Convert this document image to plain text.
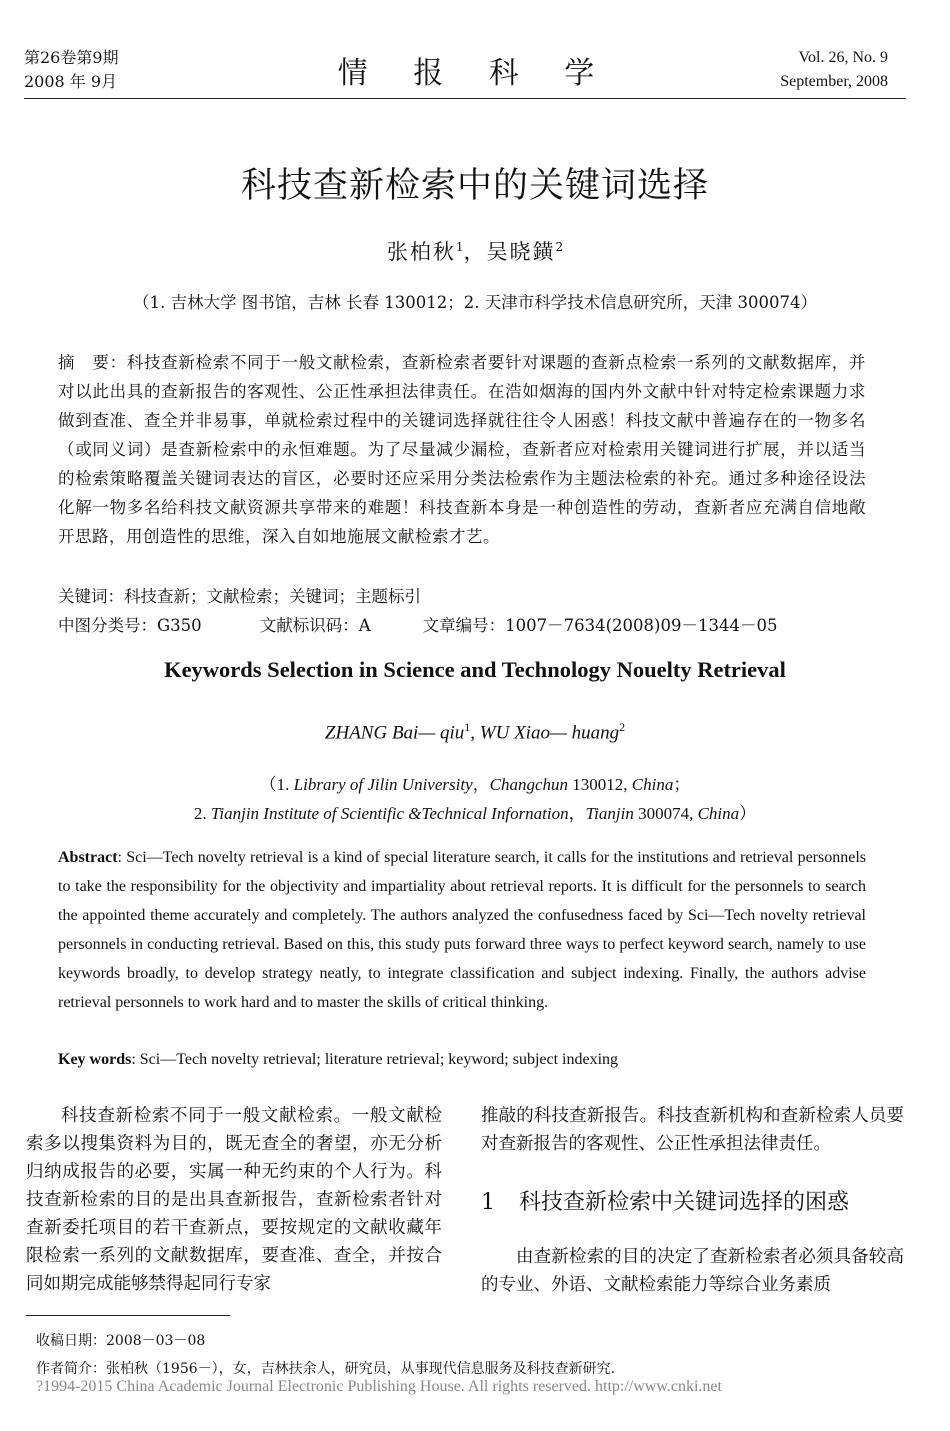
第26卷第9期
2008 年 9月	情 报 科 学	Vol. 26, No. 9
September, 2008
科技查新检索中的关键词选择
张柏秋$^1$，吴晓鐄$^2$
（1. 吉林大学 图书馆，吉林 长春 130012；2. 天津市科学技术信息研究所，天津 300074）
摘　要：科技查新检索不同于一般文献检索，查新检索者要针对课题的查新点检索一系列的文献数据库，并对以此出具的查新报告的客观性、公正性承担法律责任。在浩如烟海的国内外文献中针对特定检索课题力求做到查准、查全并非易事，单就检索过程中的关键词选择就往往令人困惑！科技文献中普遍存在的一物多名（或同义词）是查新检索中的永恒难题。为了尽量减少漏检，查新者应对检索用关键词进行扩展，并以适当的检索策略覆盖关键词表达的盲区，必要时还应采用分类法检索作为主题法检索的补充。通过多种途径设法化解一物多名给科技文献资源共享带来的难题！科技查新本身是一种创造性的劳动，查新者应充满自信地敞开思路，用创造性的思维，深入自如地施展文献检索才艺。
关键词：科技查新；文献检索；关键词；主题标引
中图分类号：G350	文献标识码：A	文章编号：1007－7634(2008)09－1344－05
Keywords Selection in Science and Technology Nouelty Retrieval
ZHANG Bai— qiu$^1$, WU Xiao— huang$^2$
（1. Library of Jilin University，Changchun 130012, China；
2. Tianjin Institute of Scientific &Technical Infornation，Tianjin 300074, China）
Abstract: Sci—Tech novelty retrieval is a kind of special literature search, it calls for the institutions and retrieval personnels to take the responsibility for the objectivity and impartiality about retrieval reports. It is difficult for the personnels to search the appointed theme accurately and completely. The authors analyzed the confusedness faced by Sci—Tech novelty retrieval personnels in conducting retrieval. Based on this, this study puts forward three ways to perfect keyword search, namely to use keywords broadly, to develop strategy neatly, to integrate classification and subject indexing. Finally, the authors advise retrieval personnels to work hard and to master the skills of critical thinking.
Key words: Sci—Tech novelty retrieval; literature retrieval; keyword; subject indexing

科技查新检索不同于一般文献检索。一般文献检索多以搜集资料为目的，既无查全的奢望，亦无分析归纳成报告的必要，实属一种无约束的个人行为。科技查新检索的目的是出具查新报告，查新检索者针对查新委托项目的若干查新点，要按规定的文献收藏年限检索一系列的文献数据库，要查准、查全，并按合同如期完成能够禁得起同行专家

推敲的科技查新报告。科技查新机构和查新检索人员要对查新报告的客观性、公正性承担法律责任。

1 科技查新检索中关键词选择的困惑

由查新检索的目的决定了查新检索者必须具备较高的专业、外语、文献检索能力等综合业务素质

收稿日期：2008－03－08
作者简介：张柏秋（1956－），女，吉林扶余人，研究员，从事现代信息服务及科技查新研究.
?1994-2015 China Academic Journal Electronic Publishing House. All rights reserved. http://www.cnki.net
